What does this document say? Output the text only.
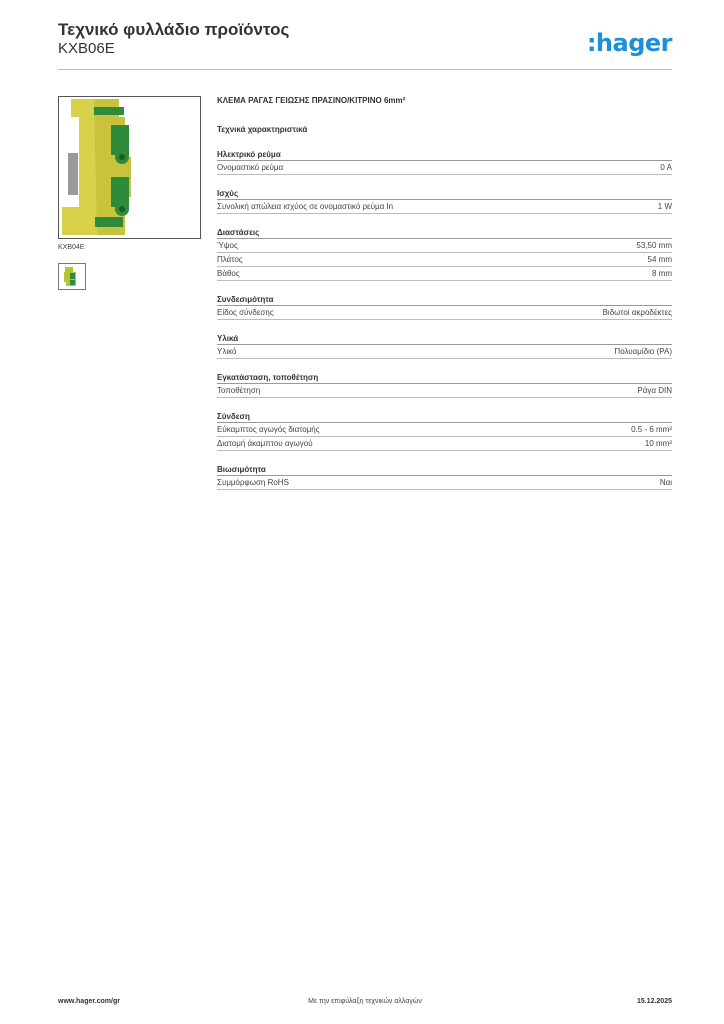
Τεχνικό φυλλάδιο προϊόντος
KXB06E	:hager
KXB04E
ΚΛΕΜΑ ΡΑΓΑΣ ΓΕΙΩΣΗΣ ΠΡΑΣΙΝΟ/ΚΙΤΡΙΝΟ 6mm²
Τεχνικά χαρακτηριστικά
Ηλεκτρικό ρεύμα
Ονομαστικό ρεύμα	0 A
Ισχύς
Συνολική απώλεια ισχύος σε ονομαστικό ρεύμα In	1 W
Διαστάσεις
Ύψος	53,50 mm
Πλάτος	54 mm
Βάθος	8 mm
Συνδεσιμότητα
Είδος σύνδεσης	Βιδωτοί ακροδέκτες
Υλικά
Υλικό	Πολυαμίδιο (PA)
Εγκατάσταση, τοποθέτηση
Τοποθέτηση	Ράγα DIN
Σύνδεση
Εύκαμπτος αγωγός διατομής	0.5 - 6 mm²
Διατομή άκαμπτου αγωγού	10 mm²
Βιωσιμότητα
Συμμόρφωση RoHS	Ναι
www.hager.com/gr	Με την επιφύλαξη τεχνικών αλλαγών	15.12.2025
